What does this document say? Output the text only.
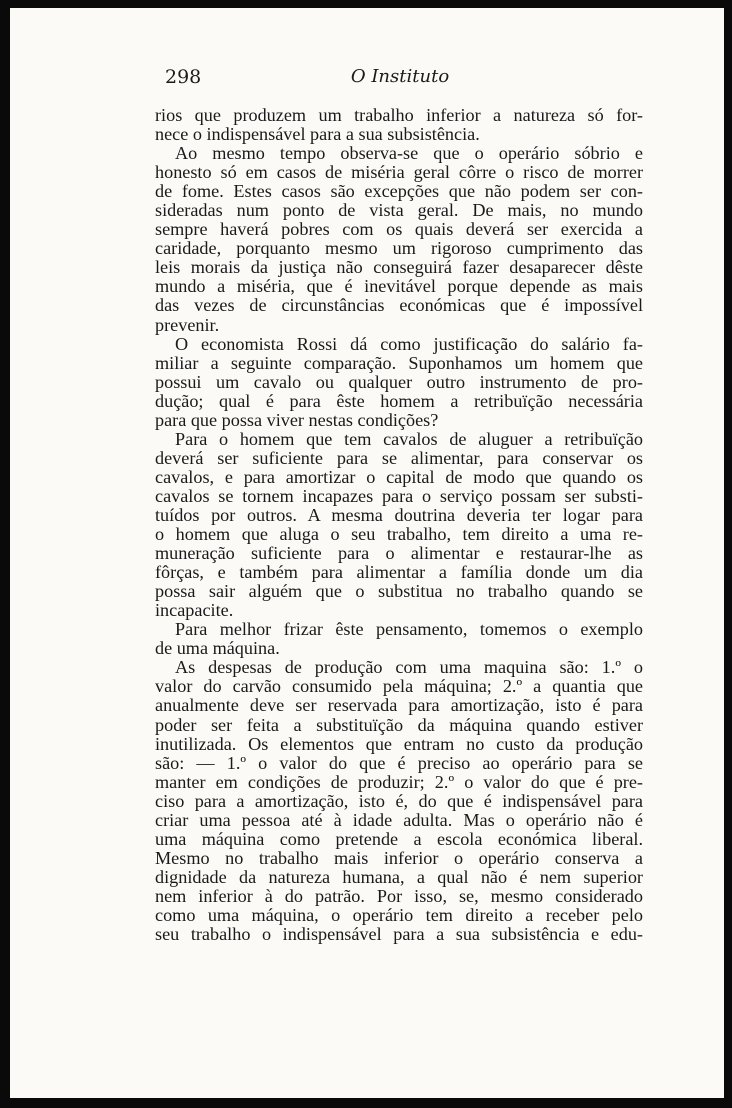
298	O Instituto
rios que produzem um trabalho inferior a natureza só for-
nece o indispensável para a sua subsistência.
Ao mesmo tempo observa-se que o operário sóbrio e
honesto só em casos de miséria geral côrre o risco de morrer
de fome. Estes casos são excepções que não podem ser con-
sideradas num ponto de vista geral. De mais, no mundo
sempre haverá pobres com os quais deverá ser exercida a
caridade, porquanto mesmo um rigoroso cumprimento das
leis morais da justiça não conseguirá fazer desaparecer dêste
mundo a miséria, que é inevitável porque depende as mais
das vezes de circunstâncias económicas que é impossível
prevenir.
O economista Rossi dá como justificação do salário fa-
miliar a seguinte comparação. Suponhamos um homem que
possui um cavalo ou qualquer outro instrumento de pro-
dução; qual é para êste homem a retribuïção necessária
para que possa viver nestas condições?
Para o homem que tem cavalos de aluguer a retribuïção
deverá ser suficiente para se alimentar, para conservar os
cavalos, e para amortizar o capital de modo que quando os
cavalos se tornem incapazes para o serviço possam ser substi-
tuídos por outros. A mesma doutrina deveria ter logar para
o homem que aluga o seu trabalho, tem direito a uma re-
muneração suficiente para o alimentar e restaurar-lhe as
fôrças, e também para alimentar a família donde um dia
possa sair alguém que o substitua no trabalho quando se
incapacite.
Para melhor frizar êste pensamento, tomemos o exemplo
de uma máquina.
As despesas de produção com uma maquina são: 1.º o
valor do carvão consumido pela máquina; 2.º a quantia que
anualmente deve ser reservada para amortização, isto é para
poder ser feita a substituïção da máquina quando estiver
inutilizada. Os elementos que entram no custo da produção
são: — 1.º o valor do que é preciso ao operário para se
manter em condições de produzir; 2.º o valor do que é pre-
ciso para a amortização, isto é, do que é indispensável para
criar uma pessoa até à idade adulta. Mas o operário não é
uma máquina como pretende a escola económica liberal.
Mesmo no trabalho mais inferior o operário conserva a
dignidade da natureza humana, a qual não é nem superior
nem inferior à do patrão. Por isso, se, mesmo considerado
como uma máquina, o operário tem direito a receber pelo
seu trabalho o indispensável para a sua subsistência e edu-
